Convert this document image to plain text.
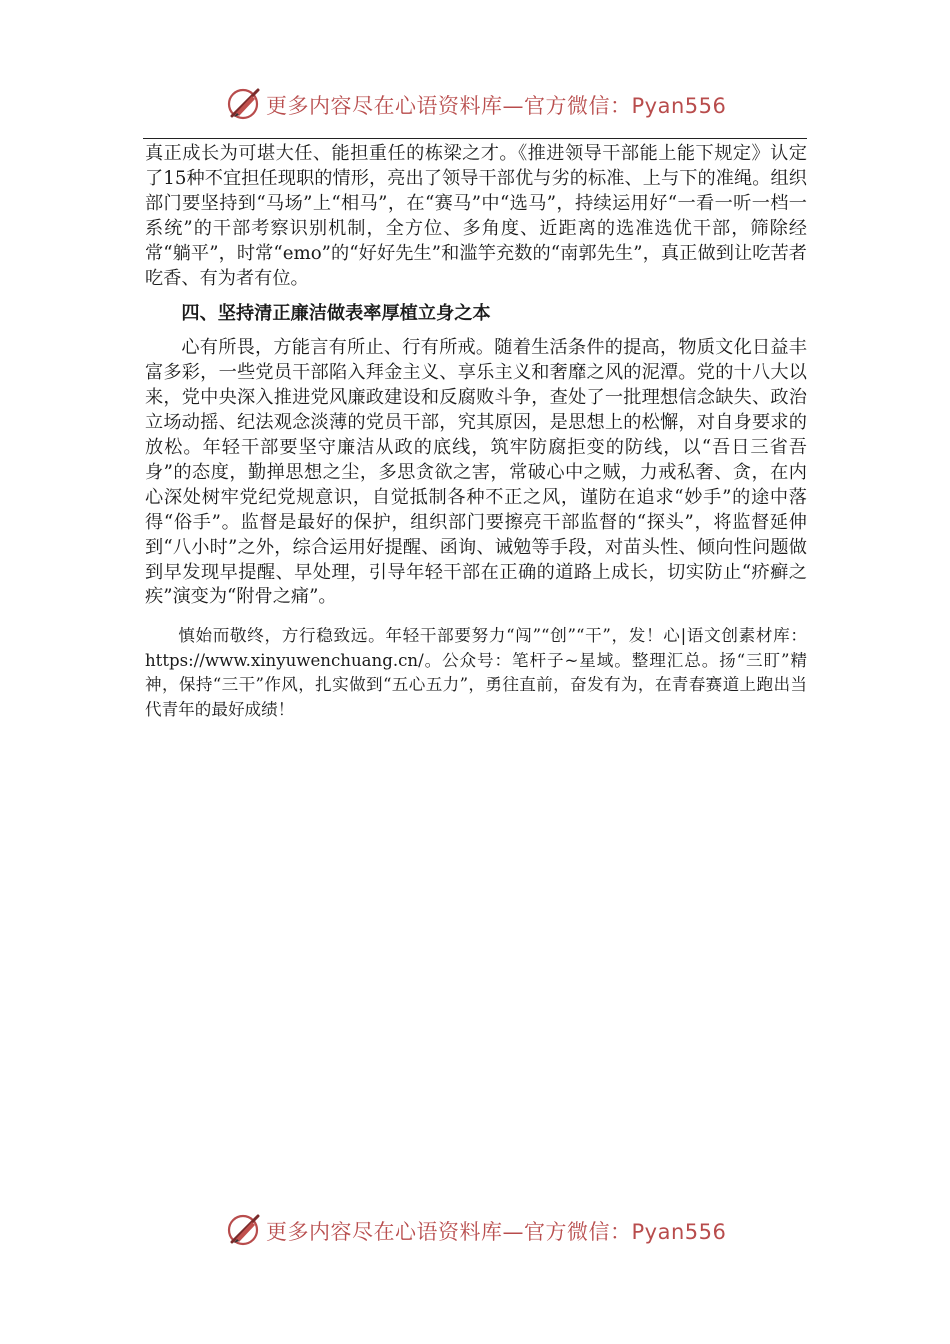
更多内容尽在心语资料库—官方微信：Pyan556

真正成长为可堪大任、能担重任的栋梁之才。《推进领导干部能上能下规定》认定了15种不宜担任现职的情形，亮出了领导干部优与劣的标准、上与下的准绳。组织部门要坚持到“马场”上“相马”，在“赛马”中“选马”，持续运用好“一看一听一档一系统”的干部考察识别机制，全方位、多角度、近距离的选准选优干部，筛除经常“躺平”，时常“emo”的“好好先生”和滥竽充数的“南郭先生”，真正做到让吃苦者吃香、有为者有位。

四、坚持清正廉洁做表率厚植立身之本

心有所畏，方能言有所止、行有所戒。随着生活条件的提高，物质文化日益丰富多彩，一些党员干部陷入拜金主义、享乐主义和奢靡之风的泥潭。党的十八大以来，党中央深入推进党风廉政建设和反腐败斗争，查处了一批理想信念缺失、政治立场动摇、纪法观念淡薄的党员干部，究其原因，是思想上的松懈，对自身要求的放松。年轻干部要坚守廉洁从政的底线，筑牢防腐拒变的防线，以“吾日三省吾身”的态度，勤掸思想之尘，多思贪欲之害，常破心中之贼，力戒私奢、贪，在内心深处树牢党纪党规意识，自觉抵制各种不正之风，谨防在追求“妙手”的途中落得“俗手”。监督是最好的保护，组织部门要擦亮干部监督的“探头”，将监督延伸到“八小时”之外，综合运用好提醒、函询、诫勉等手段，对苗头性、倾向性问题做到早发现早提醒、早处理，引导年轻干部在正确的道路上成长，切实防止“疥癣之疾”演变为“附骨之痛”。

慎始而敬终，方行稳致远。年轻干部要努力“闯”“创”“干”，发！心|语文创素材库：https://www.xinyuwenchuang.cn/。公众号：笔杆子~星域。整理汇总。扬“三盯”精神，保持“三干”作风，扎实做到“五心五力”，勇往直前，奋发有为，在青春赛道上跑出当代青年的最好成绩！

更多内容尽在心语资料库—官方微信：Pyan556
